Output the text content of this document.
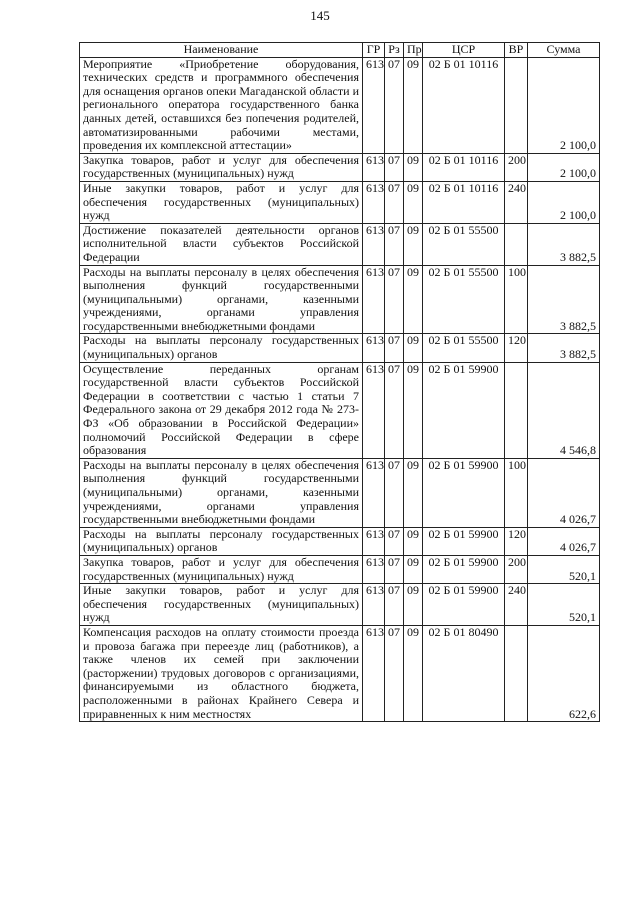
145
Наименование	ГР	Рз	Пр	ЦСР	ВР	Сумма
Мероприятие «Приобретение оборудования, технических средств и программного обеспечения для оснащения органов опеки Магаданской области и регионального оператора государственного банка данных детей, оставшихся без попечения родителей, автоматизированными рабочими местами, проведения их комплексной аттестации»	613	07	09	02 Б 01 10116		2 100,0
Закупка товаров, работ и услуг для обеспечения государственных (муниципальных) нужд	613	07	09	02 Б 01 10116	200	2 100,0
Иные закупки товаров, работ и услуг для обеспечения государственных (муниципальных) нужд	613	07	09	02 Б 01 10116	240	2 100,0
Достижение показателей деятельности органов исполнительной власти субъектов Российской Федерации	613	07	09	02 Б 01 55500		3 882,5
Расходы на выплаты персоналу в целях обеспечения выполнения функций государственными (муниципальными) органами, казенными учреждениями, органами управления государственными внебюджетными фондами	613	07	09	02 Б 01 55500	100	3 882,5
Расходы на выплаты персоналу государственных (муниципальных) органов	613	07	09	02 Б 01 55500	120	3 882,5
Осуществление переданных органам государственной власти субъектов Российской Федерации в соответствии с частью 1 статьи 7 Федерального закона от 29 декабря 2012 года № 273-ФЗ «Об образовании в Российской Федерации» полномочий Российской Федерации в сфере образования	613	07	09	02 Б 01 59900		4 546,8
Расходы на выплаты персоналу в целях обеспечения выполнения функций государственными (муниципальными) органами, казенными учреждениями, органами управления государственными внебюджетными фондами	613	07	09	02 Б 01 59900	100	4 026,7
Расходы на выплаты персоналу государственных (муниципальных) органов	613	07	09	02 Б 01 59900	120	4 026,7
Закупка товаров, работ и услуг для обеспечения государственных (муниципальных) нужд	613	07	09	02 Б 01 59900	200	520,1
Иные закупки товаров, работ и услуг для обеспечения государственных (муниципальных) нужд	613	07	09	02 Б 01 59900	240	520,1
Компенсация расходов на оплату стоимости проезда и провоза багажа при переезде лиц (работников), а также членов их семей при заключении (расторжении) трудовых договоров с организациями, финансируемыми из областного бюджета, расположенными в районах Крайнего Севера и приравненных к ним местностях	613	07	09	02 Б 01 80490		622,6
